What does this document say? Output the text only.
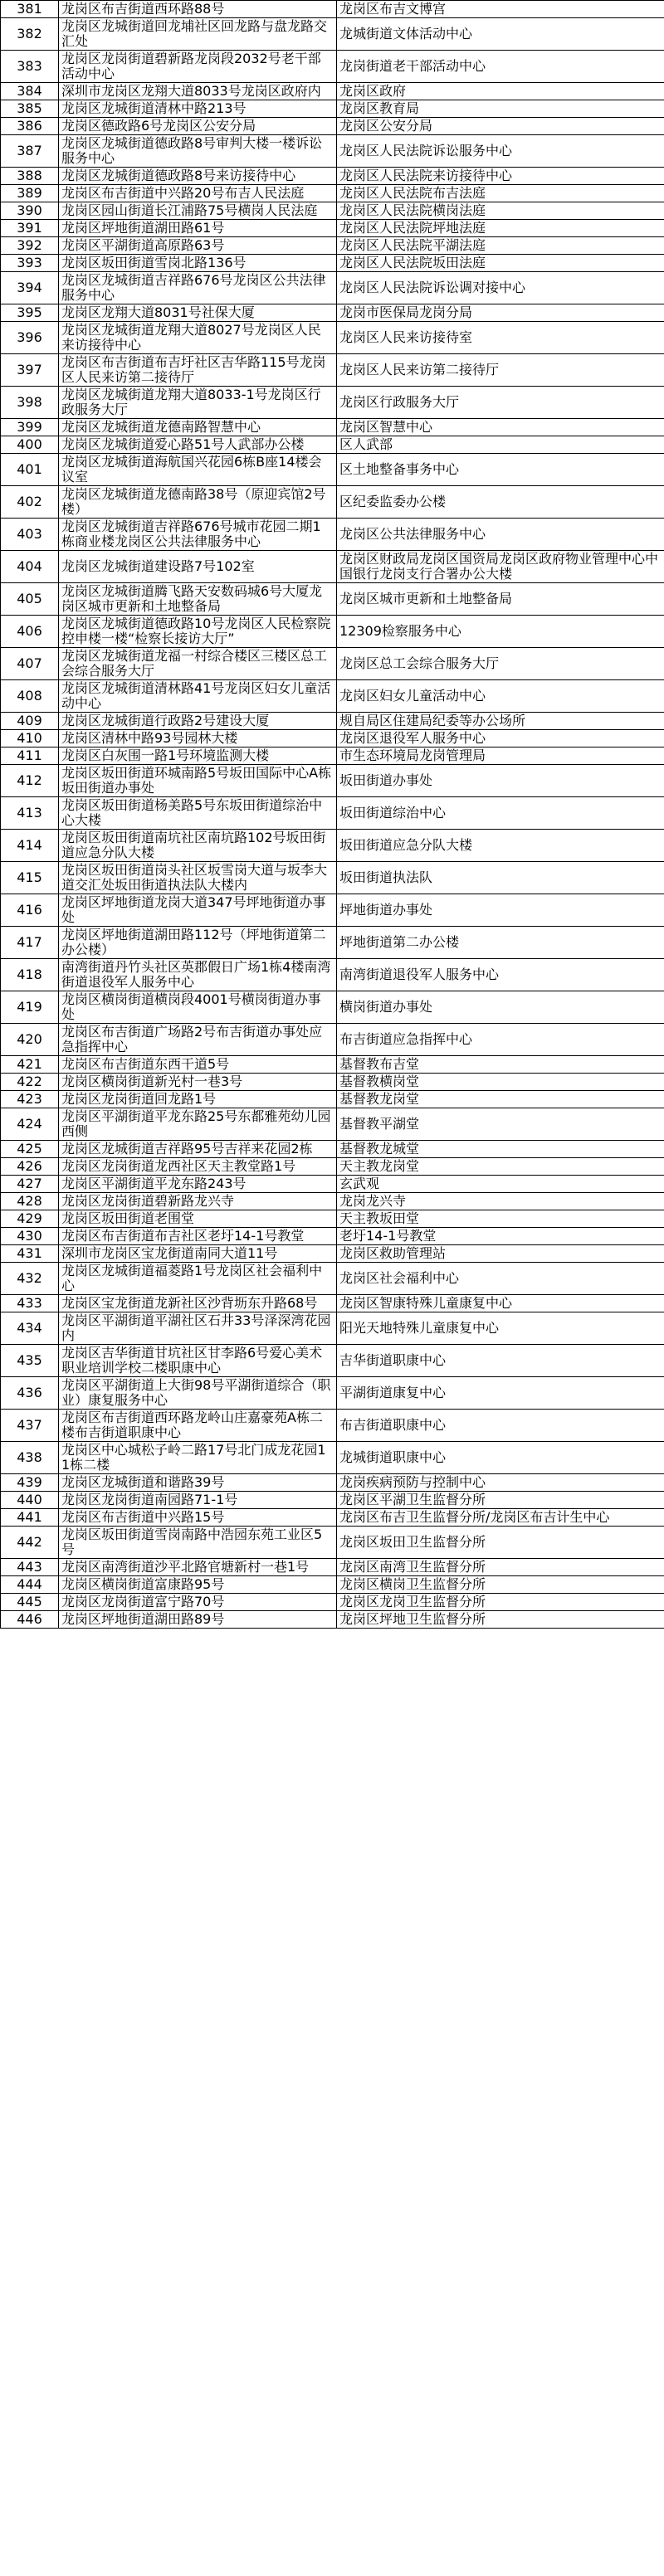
381	龙岗区布吉街道西环路88号	龙岗区布吉文博宫
382	龙岗区龙城街道回龙埔社区回龙路与盘龙路交汇处	龙城街道文体活动中心
383	龙岗区龙岗街道碧新路龙岗段2032号老干部活动中心	龙岗街道老干部活动中心
384	深圳市龙岗区龙翔大道8033号龙岗区政府内	龙岗区政府
385	龙岗区龙城街道清林中路213号	龙岗区教育局
386	龙岗区德政路6号龙岗区公安分局	龙岗区公安分局
387	龙岗区龙城街道德政路8号审判大楼一楼诉讼服务中心	龙岗区人民法院诉讼服务中心
388	龙岗区龙城街道德政路8号来访接待中心	龙岗区人民法院来访接待中心
389	龙岗区布吉街道中兴路20号布吉人民法庭	龙岗区人民法院布吉法庭
390	龙岗区园山街道长江浦路75号横岗人民法庭	龙岗区人民法院横岗法庭
391	龙岗区坪地街道湖田路61号	龙岗区人民法院坪地法庭
392	龙岗区平湖街道高原路63号	龙岗区人民法院平湖法庭
393	龙岗区坂田街道雪岗北路136号	龙岗区人民法院坂田法庭
394	龙岗区龙城街道吉祥路676号龙岗区公共法律服务中心	龙岗区人民法院诉讼调对接中心
395	龙岗区龙翔大道8031号社保大厦	龙岗市医保局龙岗分局
396	龙岗区龙城街道龙翔大道8027号龙岗区人民来访接待中心	龙岗区人民来访接待室
397	龙岗区布吉街道布吉圩社区吉华路115号龙岗区人民来访第二接待厅	龙岗区人民来访第二接待厅
398	龙岗区龙城街道龙翔大道8033-1号龙岗区行政服务大厅	龙岗区行政服务大厅
399	龙岗区龙城街道龙德南路智慧中心	龙岗区智慧中心
400	龙岗区龙城街道爱心路51号人武部办公楼	区人武部
401	龙岗区龙城街道海航国兴花园6栋B座14楼会议室	区土地整备事务中心
402	龙岗区龙城街道龙德南路38号（原迎宾馆2号楼）	区纪委监委办公楼
403	龙岗区龙城街道吉祥路676号城市花园二期1栋商业楼龙岗区公共法律服务中心	龙岗区公共法律服务中心
404	龙岗区龙城街道建设路7号102室	龙岗区财政局龙岗区国资局龙岗区政府物业管理中心中国银行龙岗支行合署办公大楼
405	龙岗区龙城街道腾飞路天安数码城6号大厦龙岗区城市更新和土地整备局	龙岗区城市更新和土地整备局
406	龙岗区龙城街道德政路10号龙岗区人民检察院控申楼一楼“检察长接访大厅”	12309检察服务中心
407	龙岗区龙城街道龙福一村综合楼区三楼区总工会综合服务大厅	龙岗区总工会综合服务大厅
408	龙岗区龙城街道清林路41号龙岗区妇女儿童活动中心	龙岗区妇女儿童活动中心
409	龙岗区龙城街道行政路2号建设大厦	规自局区住建局纪委等办公场所
410	龙岗区清林中路93号园林大楼	龙岗区退役军人服务中心
411	龙岗区白灰围一路1号环境监测大楼	市生态环境局龙岗管理局
412	龙岗区坂田街道环城南路5号坂田国际中心A栋坂田街道办事处	坂田街道办事处
413	龙岗区坂田街道杨美路5号东坂田街道综治中心大楼	坂田街道综治中心
414	龙岗区坂田街道南坑社区南坑路102号坂田街道应急分队大楼	坂田街道应急分队大楼
415	龙岗区坂田街道岗头社区坂雪岗大道与坂李大道交汇处坂田街道执法队大楼内	坂田街道执法队
416	龙岗区坪地街道龙岗大道347号坪地街道办事处	坪地街道办事处
417	龙岗区坪地街道湖田路112号（坪地街道第二办公楼）	坪地街道第二办公楼
418	南湾街道丹竹头社区英郡假日广场1栋4楼南湾街道退役军人服务中心	南湾街道退役军人服务中心
419	龙岗区横岗街道横岗段4001号横岗街道办事处	横岗街道办事处
420	龙岗区布吉街道广场路2号布吉街道办事处应急指挥中心	布吉街道应急指挥中心
421	龙岗区布吉街道东西干道5号	基督教布吉堂
422	龙岗区横岗街道新光村一巷3号	基督教横岗堂
423	龙岗区龙岗街道回龙路1号	基督教龙岗堂
424	龙岗区平湖街道平龙东路25号东都雅苑幼儿园西侧	基督教平湖堂
425	龙岗区龙城街道吉祥路95号吉祥来花园2栋	基督教龙城堂
426	龙岗区龙岗街道龙西社区天主教堂路1号	天主教龙岗堂
427	龙岗区平湖街道平龙东路243号	玄武观
428	龙岗区龙岗街道碧新路龙兴寺	龙岗龙兴寺
429	龙岗区坂田街道老围堂	天主教坂田堂
430	龙岗区布吉街道布吉社区老圩14-1号教堂	老圩14-1号教堂
431	深圳市龙岗区宝龙街道南同大道11号	龙岗区救助管理站
432	龙岗区龙城街道福菱路1号龙岗区社会福利中心	龙岗区社会福利中心
433	龙岗区宝龙街道龙新社区沙背坜东升路68号	龙岗区智康特殊儿童康复中心
434	龙岗区平湖街道平湖社区石井33号泽深湾花园内	阳光天地特殊儿童康复中心
435	龙岗区吉华街道甘坑社区甘李路6号爱心美术职业培训学校二楼职康中心	吉华街道职康中心
436	龙岗区平湖街道上大街98号平湖街道综合（职业）康复服务中心	平湖街道康复中心
437	龙岗区布吉街道西环路龙岭山庄嘉豪苑A栋二楼布吉街道职康中心	布吉街道职康中心
438	龙岗区中心城松子岭二路17号北门成龙花园11栋二楼	龙城街道职康中心
439	龙岗区龙城街道和谐路39号	龙岗疾病预防与控制中心
440	龙岗区龙岗街道南园路71-1号	龙岗区平湖卫生监督分所
441	龙岗区布吉街道中兴路15号	龙岗区布吉卫生监督分所/龙岗区布吉计生中心
442	龙岗区坂田街道雪岗南路中浩园东苑工业区5号	龙岗区坂田卫生监督分所
443	龙岗区南湾街道沙平北路官塘新村一巷1号	龙岗区南湾卫生监督分所
444	龙岗区横岗街道富康路95号	龙岗区横岗卫生监督分所
445	龙岗区龙岗街道富宁路70号	龙岗区龙岗卫生监督分所
446	龙岗区坪地街道湖田路89号	龙岗区坪地卫生监督分所
